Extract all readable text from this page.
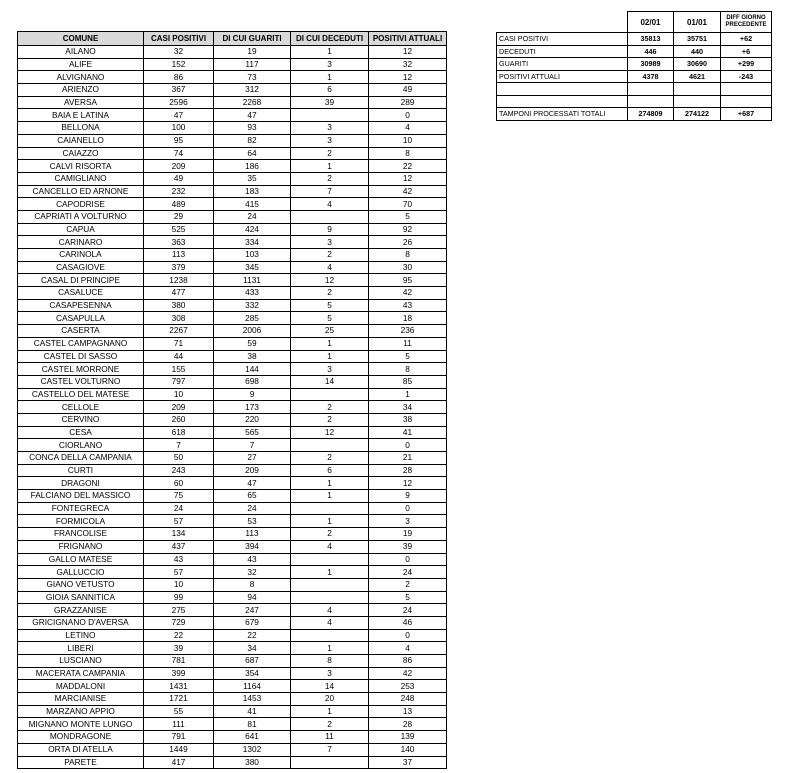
	02/01	01/01	DIFF GIORNO PRECEDENTE
CASI POSITIVI	35813	35751	+62
DECEDUTI	446	440	+6
GUARITI	30989	30690	+299
POSITIVI ATTUALI	4378	4621	-243

TAMPONI PROCESSATI TOTALI	274809	274122	+687
COMUNE	CASI POSITIVI	DI CUI GUARITI	DI CUI DECEDUTI	POSITIVI ATTUALI
AILANO	32	19	1	12
ALIFE	152	117	3	32
ALVIGNANO	86	73	1	12
ARIENZO	367	312	6	49
AVERSA	2596	2268	39	289
BAIA E LATINA	47	47		0
BELLONA	100	93	3	4
CAIANELLO	95	82	3	10
CAIAZZO	74	64	2	8
CALVI RISORTA	209	186	1	22
CAMIGLIANO	49	35	2	12
CANCELLO ED ARNONE	232	183	7	42
CAPODRISE	489	415	4	70
CAPRIATI A VOLTURNO	29	24		5
CAPUA	525	424	9	92
CARINARO	363	334	3	26
CARINOLA	113	103	2	8
CASAGIOVE	379	345	4	30
CASAL DI PRINCIPE	1238	1131	12	95
CASALUCE	477	433	2	42
CASAPESENNA	380	332	5	43
CASAPULLA	308	285	5	18
CASERTA	2267	2006	25	236
CASTEL CAMPAGNANO	71	59	1	11
CASTEL DI SASSO	44	38	1	5
CASTEL MORRONE	155	144	3	8
CASTEL VOLTURNO	797	698	14	85
CASTELLO DEL MATESE	10	9		1
CELLOLE	209	173	2	34
CERVINO	260	220	2	38
CESA	618	565	12	41
CIORLANO	7	7		0
CONCA DELLA CAMPANIA	50	27	2	21
CURTI	243	209	6	28
DRAGONI	60	47	1	12
FALCIANO DEL MASSICO	75	65	1	9
FONTEGRECA	24	24		0
FORMICOLA	57	53	1	3
FRANCOLISE	134	113	2	19
FRIGNANO	437	394	4	39
GALLO MATESE	43	43		0
GALLUCCIO	57	32	1	24
GIANO VETUSTO	10	8		2
GIOIA SANNITICA	99	94		5
GRAZZANISE	275	247	4	24
GRICIGNANO D'AVERSA	729	679	4	46
LETINO	22	22		0
LIBERI	39	34	1	4
LUSCIANO	781	687	8	86
MACERATA CAMPANIA	399	354	3	42
MADDALONI	1431	1164	14	253
MARCIANISE	1721	1453	20	248
MARZANO APPIO	55	41	1	13
MIGNANO MONTE LUNGO	111	81	2	28
MONDRAGONE	791	641	11	139
ORTA DI ATELLA	1449	1302	7	140
PARETE	417	380		37
